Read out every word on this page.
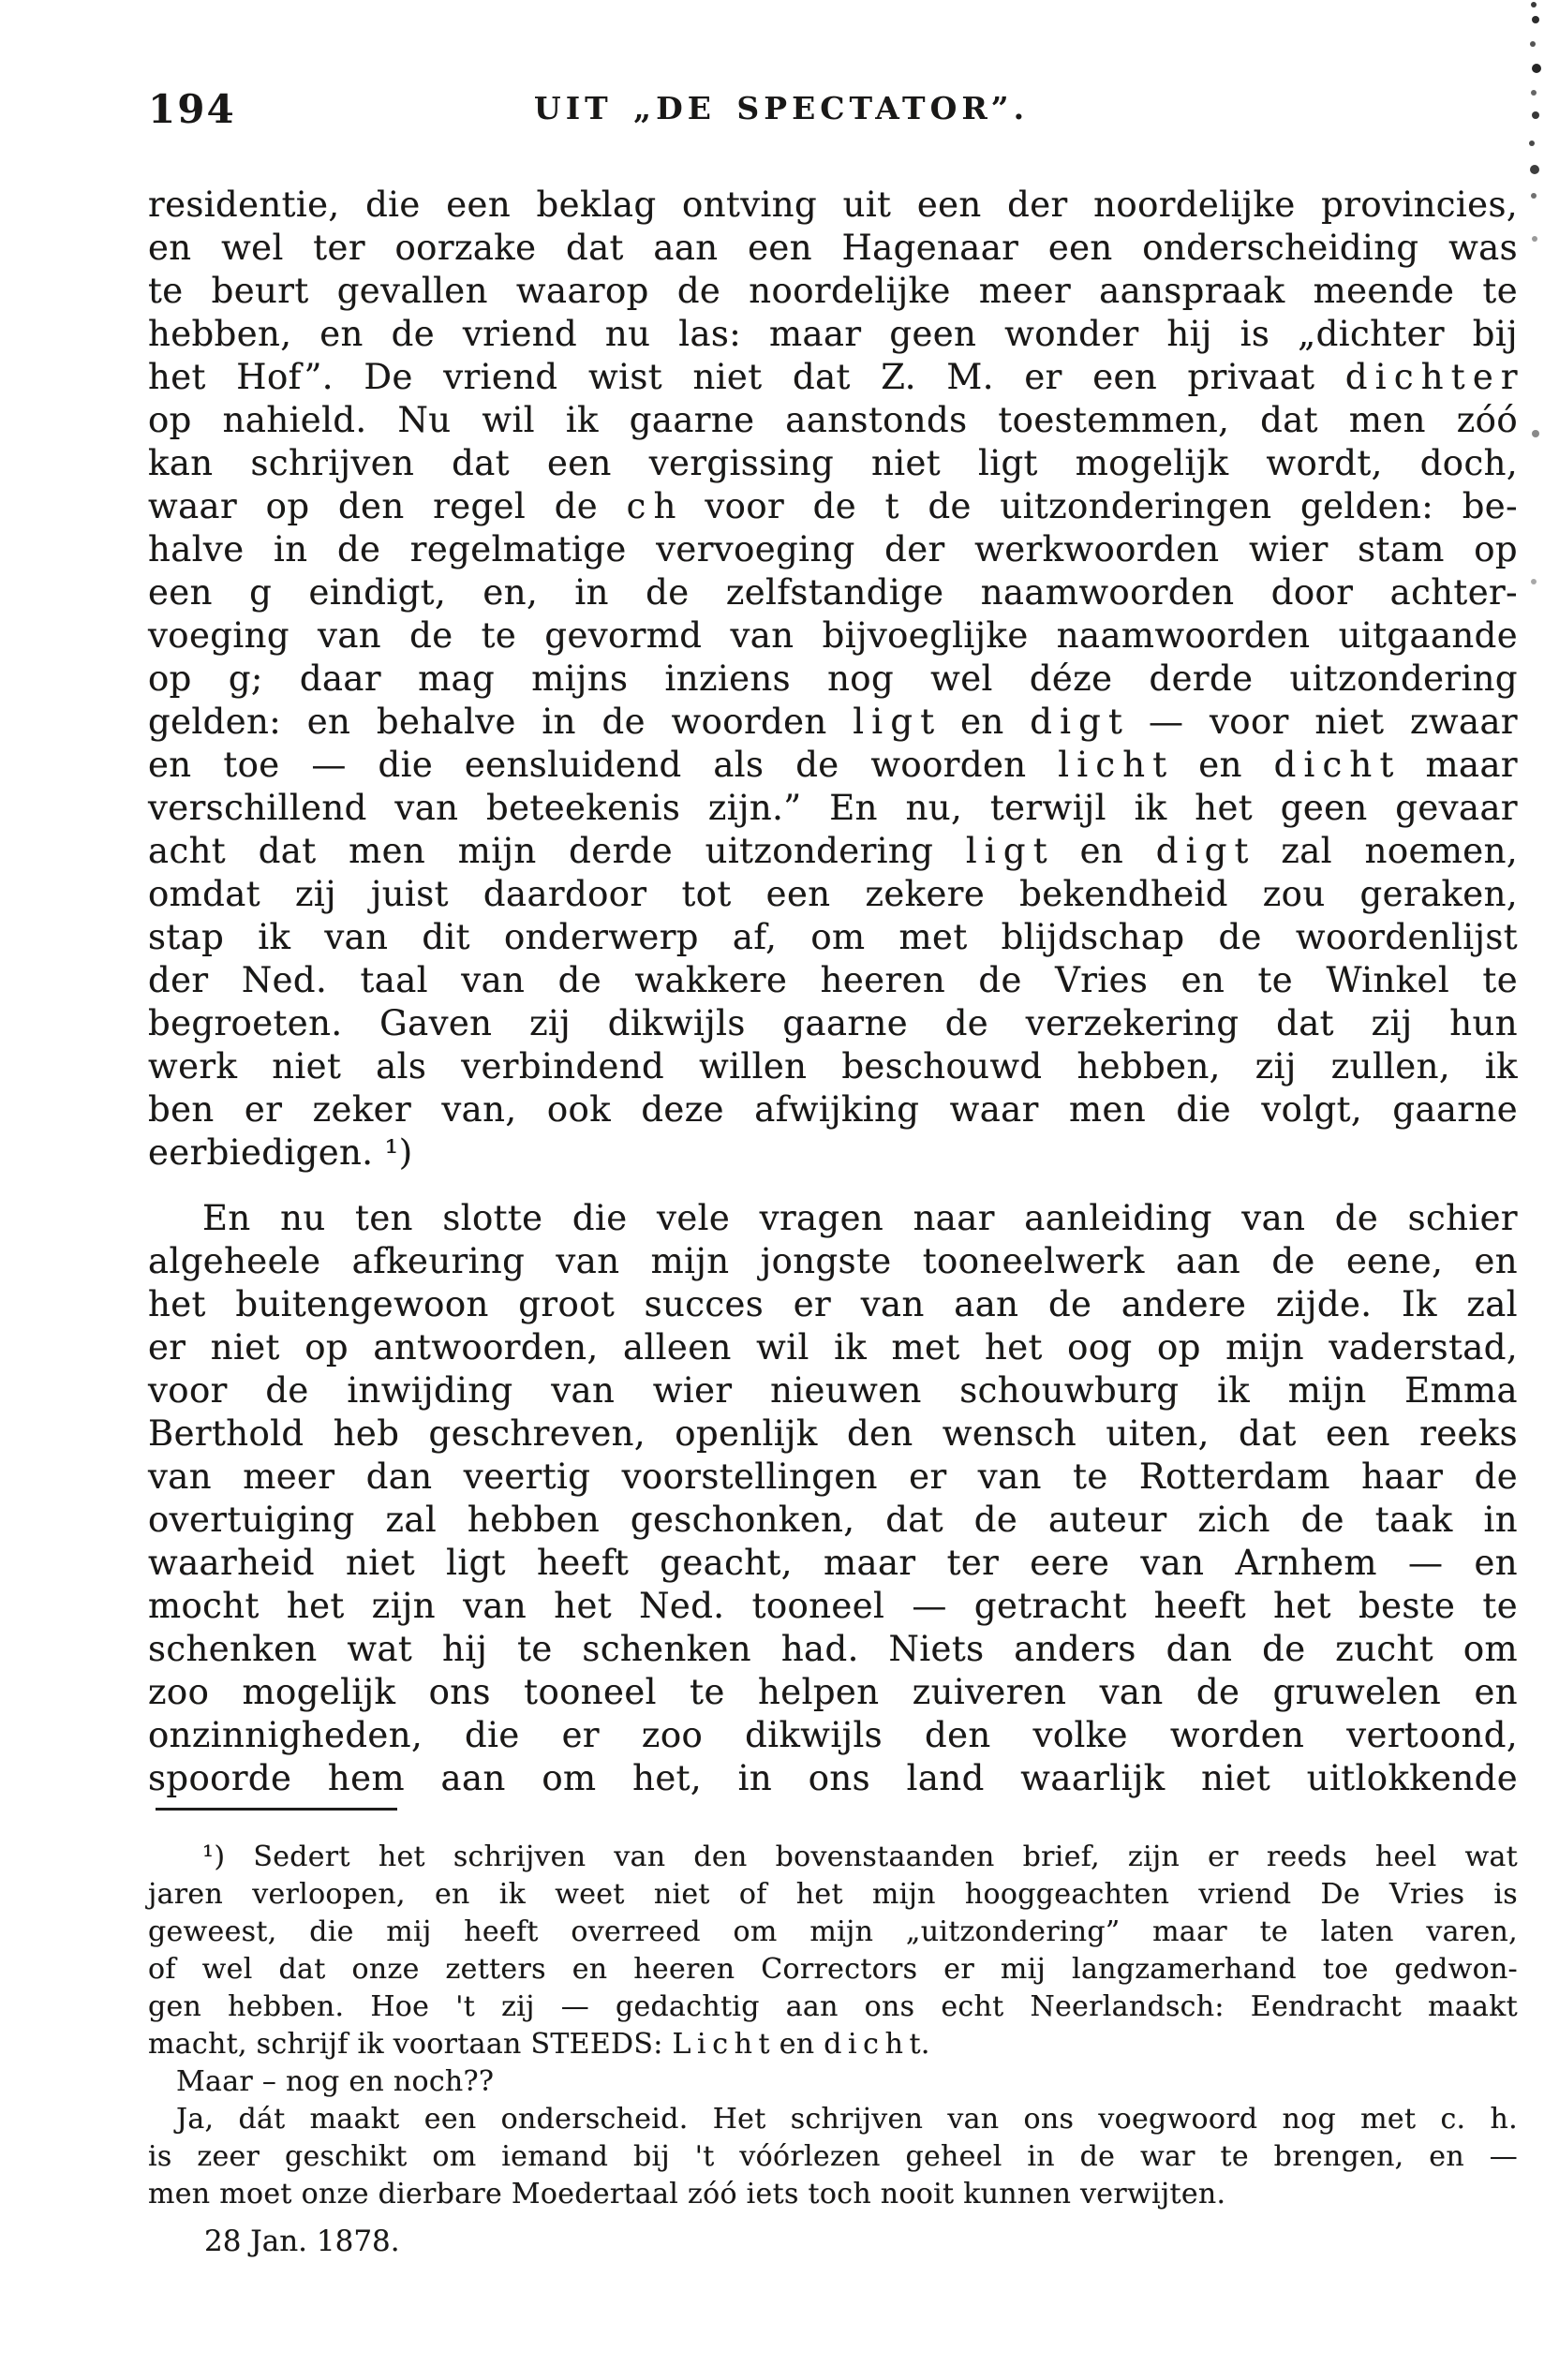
194	UIT „DE SPECTATOR”.
residentie, die een beklag ontving uit een der noordelijke provincies,
en wel ter oorzake dat aan een Hagenaar een onderscheiding was
te beurt gevallen waarop de noordelijke meer aanspraak meende te
hebben, en de vriend nu las: maar geen wonder hij is „dichter bij
het Hof”. De vriend wist niet dat Z. M. er een privaat d i c h t e r
op nahield. Nu wil ik gaarne aanstonds toestemmen, dat men zóó
kan schrijven dat een vergissing niet ligt mogelijk wordt, doch,
waar op den regel de c h voor de t de uitzonderingen gelden: be-
halve in de regelmatige vervoeging der werkwoorden wier stam op
een g eindigt, en, in de zelfstandige naamwoorden door achter-
voeging van de te gevormd van bijvoeglijke naamwoorden uitgaande
op g; daar mag mijns inziens nog wel déze derde uitzondering
gelden: en behalve in de woorden l i g t en d i g t — voor niet zwaar
en toe — die eensluidend als de woorden l i c h t en d i c h t maar
verschillend van beteekenis zijn.” En nu, terwijl ik het geen gevaar
acht dat men mijn derde uitzondering l i g t en d i g t zal noemen,
omdat zij juist daardoor tot een zekere bekendheid zou geraken,
stap ik van dit onderwerp af, om met blijdschap de woordenlijst
der Ned. taal van de wakkere heeren de Vries en te Winkel te
begroeten. Gaven zij dikwijls gaarne de verzekering dat zij hun
werk niet als verbindend willen beschouwd hebben, zij zullen, ik
ben er zeker van, ook deze afwijking waar men die volgt, gaarne
eerbiedigen. ¹)
En nu ten slotte die vele vragen naar aanleiding van de schier
algeheele afkeuring van mijn jongste tooneelwerk aan de eene, en
het buitengewoon groot succes er van aan de andere zijde. Ik zal
er niet op antwoorden, alleen wil ik met het oog op mijn vaderstad,
voor de inwijding van wier nieuwen schouwburg ik mijn Emma
Berthold heb geschreven, openlijk den wensch uiten, dat een reeks
van meer dan veertig voorstellingen er van te Rotterdam haar de
overtuiging zal hebben geschonken, dat de auteur zich de taak in
waarheid niet ligt heeft geacht, maar ter eere van Arnhem — en
mocht het zijn van het Ned. tooneel — getracht heeft het beste te
schenken wat hij te schenken had. Niets anders dan de zucht om
zoo mogelijk ons tooneel te helpen zuiveren van de gruwelen en
onzinnigheden, die er zoo dikwijls den volke worden vertoond,
spoorde hem aan om het, in ons land waarlijk niet uitlokkende
¹) Sedert het schrijven van den bovenstaanden brief, zijn er reeds heel wat
jaren verloopen, en ik weet niet of het mijn hooggeachten vriend De Vries is
geweest, die mij heeft overreed om mijn „uitzondering” maar te laten varen,
of wel dat onze zetters en heeren Correctors er mij langzamerhand toe gedwon-
gen hebben. Hoe 't zij — gedachtig aan ons echt Neerlandsch: Eendracht maakt
macht, schrijf ik voortaan STEEDS: L i c h t en d i c h t.
Maar – nog en noch??
Ja, dát maakt een onderscheid. Het schrijven van ons voegwoord nog met c. h.
is zeer geschikt om iemand bij 't vóórlezen geheel in de war te brengen, en —
men moet onze dierbare Moedertaal zóó iets toch nooit kunnen verwijten.
28 Jan. 1878.
